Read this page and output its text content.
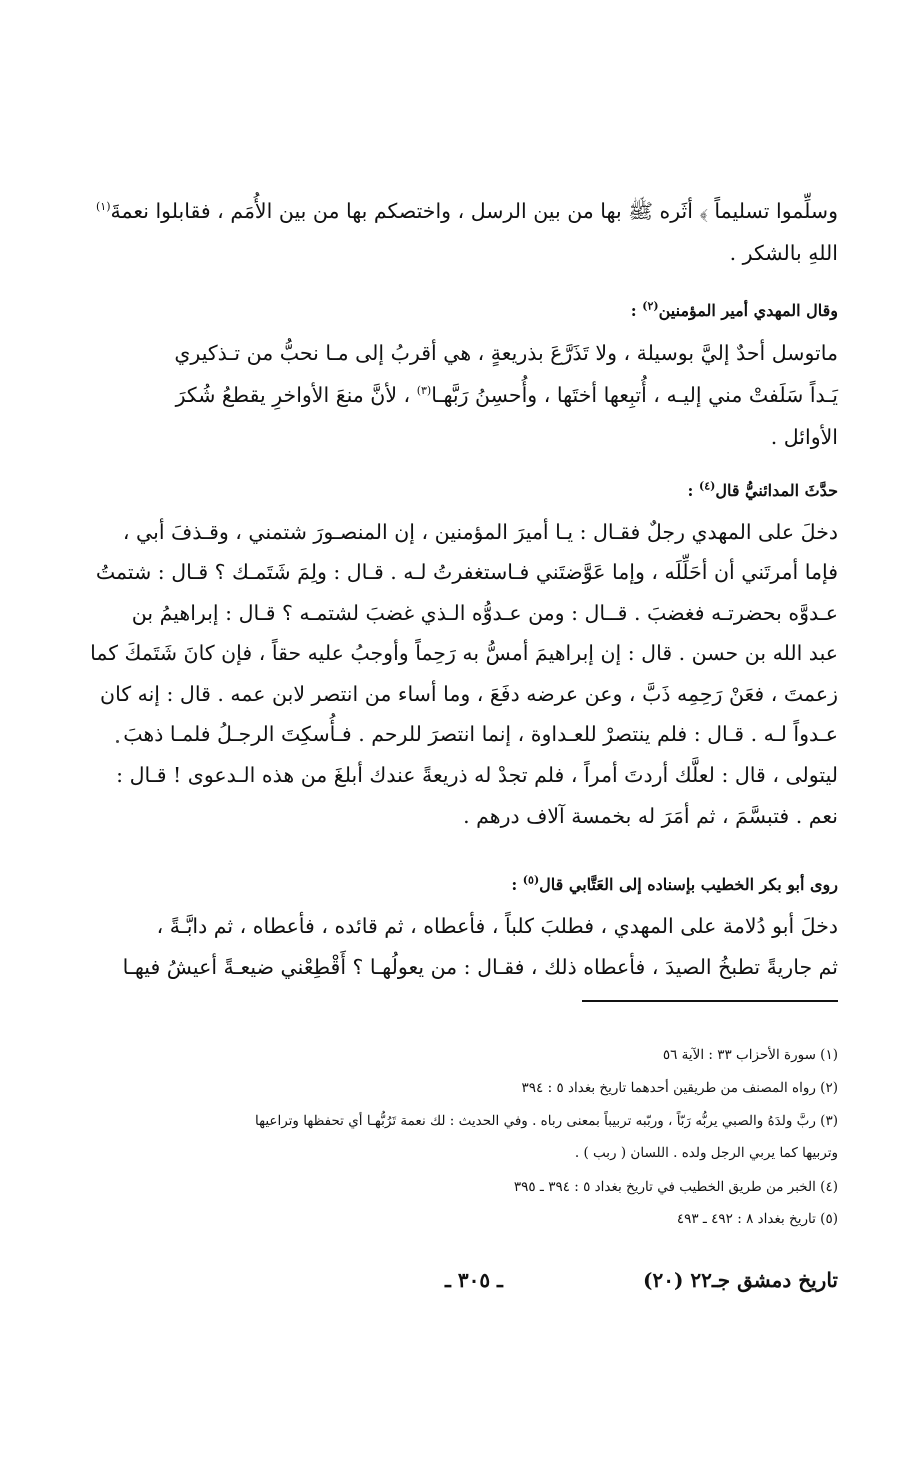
وسلِّموا تسليماً ﴾ أثَره ﷺ بها من بين الرسل ، واختصكم بها من بين الأُمَم ، فقابلوا نعمةَ$^{(١)}$
اللهِ بالشكر .
وقال المهدي أمير المؤمنين$^{(٢)}$ :
ماتوسل أحدٌ إليَّ بوسيلة ، ولا تَذَرَّعَ بذريعةٍ ، هي أقربُ إلى مـا نحبُّ من تـذكيري
يَـداً سَلَفتْ مني إليـه ، أُتبِعها أختَها ، وأُحسِنُ رَبَّهـا$^{(٣)}$ ، لأنَّ منعَ الأواخرِ يقطعُ شُكرَ
الأوائل .
حدَّثَ المدائنيُّ قال$^{(٤)}$ :
دخلَ على المهدي رجلٌ فقـال : يـا أميرَ المؤمنين ، إن المنصـورَ شتمني ، وقـذفَ أبي ،
فإما أمرتَني أن أحَلِّلَه ، وإما عَوَّضتَني فـاستغفرتُ لـه . قـال : ولِمَ شَتَمـك ؟ قـال : شتمتُ
عـدوَّه بحضرتـه فغضبَ . قــال : ومن عـدوُّه الـذي غضبَ لشتمـه ؟ قـال : إبراهيمُ بن
عبد الله بن حسن . قال : إن إبراهيمَ أمسُّ به رَحِماً وأوجبُ عليه حقاً ، فإن كانَ شَتَمكَ كما
زعمتَ ، فعَنْ رَحِمِه ذَبَّ ، وعن عرضه دفَعَ ، وما أساء من انتصر لابن عمه . قال : إنه كان
عـدواً لـه . قـال : فلم ينتصرْ للعـداوة ، إنما انتصرَ للرحم . فـأُسكِتَ الرجـلُ فلمـا ذهبَ
ليتولى ، قال : لعلَّك أردتَ أمراً ، فلم تجدْ له ذريعةً عندك أبلغَ من هذه الـدعوى ! قـال :
نعم . فتبسَّمَ ، ثم أمَرَ له بخمسة آلاف درهم .
روى أبو بكر الخطيب بإسناده إلى العَتَّابي قال$^{(٥)}$ :
دخلَ أبو دُلامة على المهدي ، فطلبَ كلباً ، فأعطاه ، ثم قائده ، فأعطاه ، ثم دابَّـةً ،
ثم جاريةً تطبخُ الصيدَ ، فأعطاه ذلك ، فقـال : من يعولُهـا ؟ أَقْطِعْني ضيعـةً أعيشُ فيهـا
(١) سورة الأحزاب ٣٣ : الآية ٥٦
(٢) رواه المصنف من طريقين أحدهما تاريخ بغداد ٥ : ٣٩٤
(٣) ربَّ ولدَهُ والصبي يربُّه رَبّاً ، وربّبه تربيباً بمعنى رباه . وفي الحديث : لك نعمة تَرُبُّهـا أي تحفظها وتراعيها
وتربيها كما يربي الرجل ولده . اللسان ( ربب ) .
(٤) الخبر من طريق الخطيب في تاريخ بغداد ٥ : ٣٩٤ ـ ٣٩٥
(٥) تاريخ بغداد ٨ : ٤٩٢ ـ ٤٩٣
ـ ٣٠٥ ـ	تاريخ دمشق جـ٢٢ (٢٠)
